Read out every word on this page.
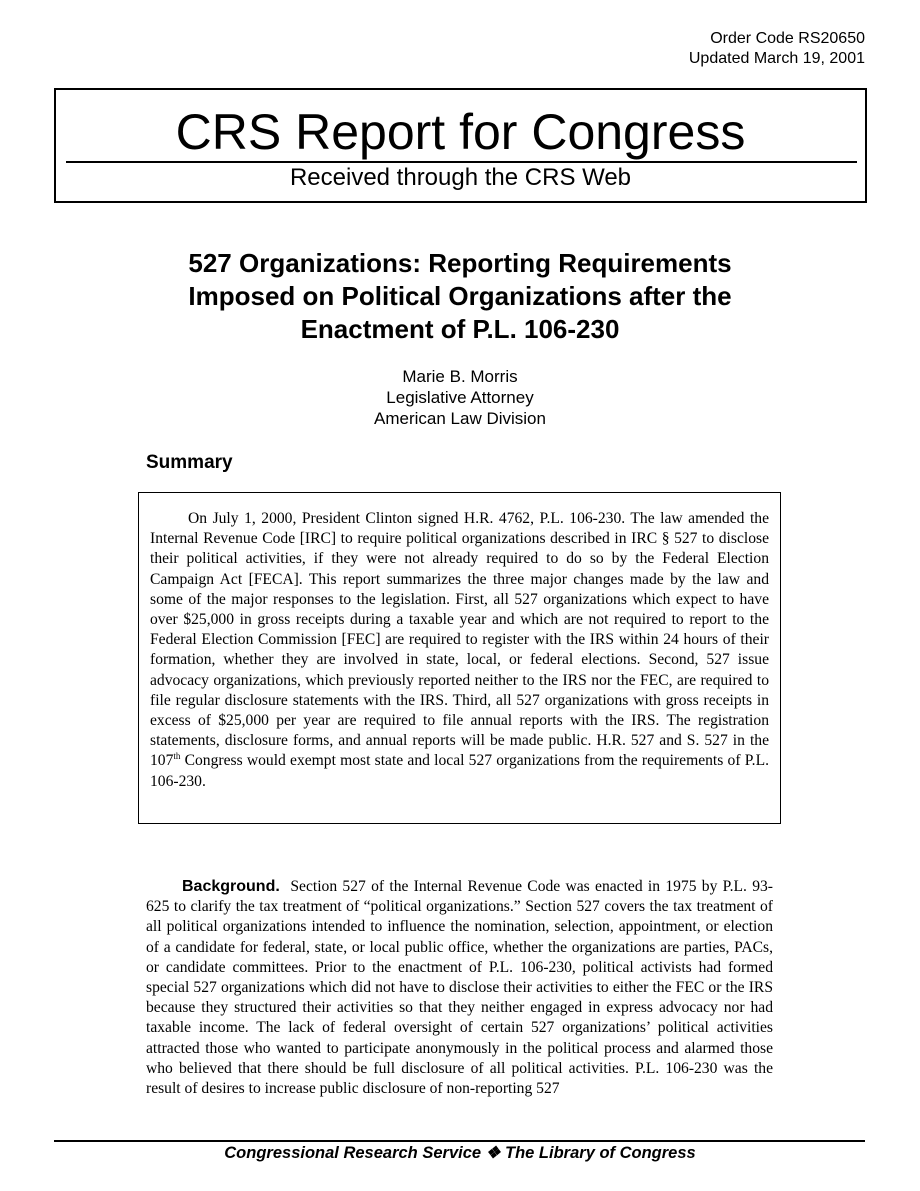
Order Code RS20650
Updated March 19, 2001
CRS Report for Congress
Received through the CRS Web
527 Organizations: Reporting Requirements Imposed on Political Organizations after the Enactment of P.L. 106-230
Marie B. Morris
Legislative Attorney
American Law Division
Summary

On July 1, 2000, President Clinton signed H.R. 4762, P.L. 106-230. The law amended the Internal Revenue Code [IRC] to require political organizations described in IRC § 527 to disclose their political activities, if they were not already required to do so by the Federal Election Campaign Act [FECA]. This report summarizes the three major changes made by the law and some of the major responses to the legislation. First, all 527 organizations which expect to have over $25,000 in gross receipts during a taxable year and which are not required to report to the Federal Election Commission [FEC] are required to register with the IRS within 24 hours of their formation, whether they are involved in state, local, or federal elections. Second, 527 issue advocacy organizations, which previously reported neither to the IRS nor the FEC, are required to file regular disclosure statements with the IRS. Third, all 527 organizations with gross receipts in excess of $25,000 per year are required to file annual reports with the IRS. The registration statements, disclosure forms, and annual reports will be made public. H.R. 527 and S. 527 in the 107th Congress would exempt most state and local 527 organizations from the requirements of P.L. 106-230.

Background. Section 527 of the Internal Revenue Code was enacted in 1975 by P.L. 93-625 to clarify the tax treatment of “political organizations.” Section 527 covers the tax treatment of all political organizations intended to influence the nomination, selection, appointment, or election of a candidate for federal, state, or local public office, whether the organizations are parties, PACs, or candidate committees. Prior to the enactment of P.L. 106-230, political activists had formed special 527 organizations which did not have to disclose their activities to either the FEC or the IRS because they structured their activities so that they neither engaged in express advocacy nor had taxable income. The lack of federal oversight of certain 527 organizations’ political activities attracted those who wanted to participate anonymously in the political process and alarmed those who believed that there should be full disclosure of all political activities. P.L. 106-230 was the result of desires to increase public disclosure of non-reporting 527

Congressional Research Service ❖ The Library of Congress
